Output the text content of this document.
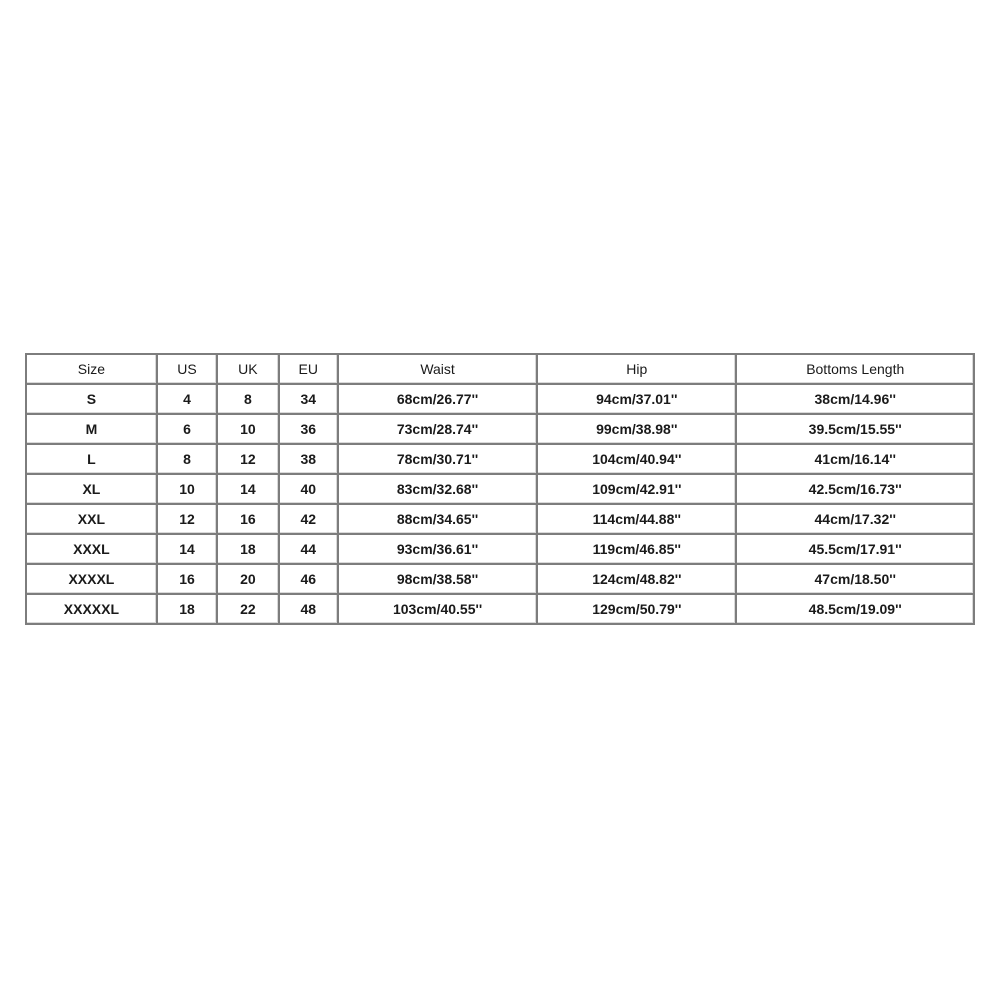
Size	US	UK	EU	Waist	Hip	Bottoms Length
S	4	8	34	68cm/26.77''	94cm/37.01''	38cm/14.96''
M	6	10	36	73cm/28.74''	99cm/38.98''	39.5cm/15.55''
L	8	12	38	78cm/30.71''	104cm/40.94''	41cm/16.14''
XL	10	14	40	83cm/32.68''	109cm/42.91''	42.5cm/16.73''
XXL	12	16	42	88cm/34.65''	114cm/44.88''	44cm/17.32''
XXXL	14	18	44	93cm/36.61''	119cm/46.85''	45.5cm/17.91''
XXXXL	16	20	46	98cm/38.58''	124cm/48.82''	47cm/18.50''
XXXXXL	18	22	48	103cm/40.55''	129cm/50.79''	48.5cm/19.09''
